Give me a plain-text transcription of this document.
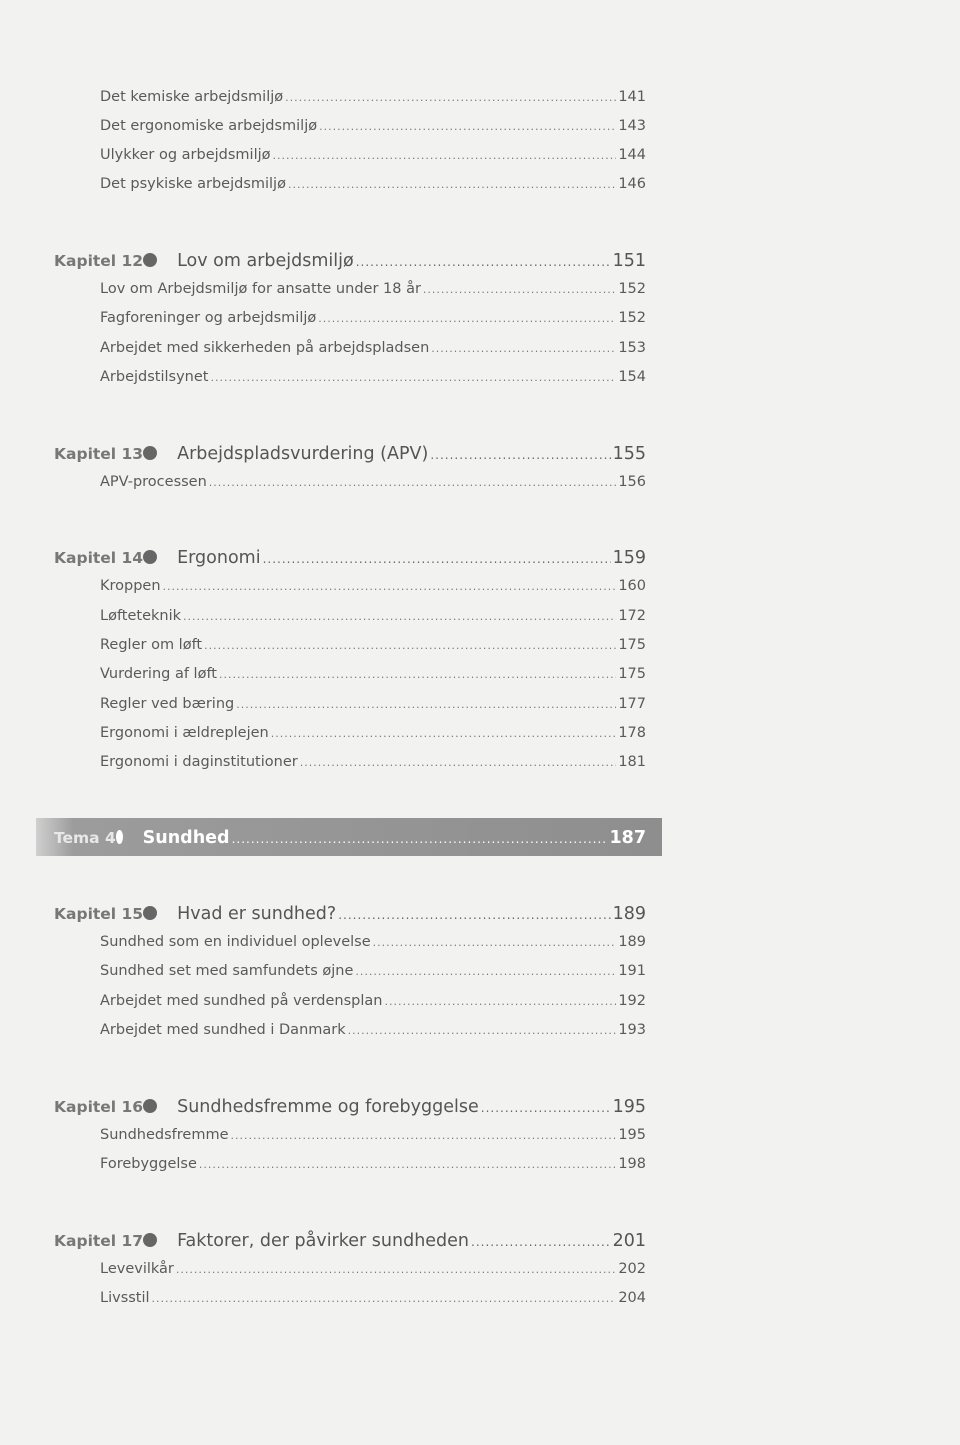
Det kemiske arbejdsmiljø .....	141
Det ergonomiske arbejdsmiljø .....	143
Ulykker og arbejdsmiljø .....	144
Det psykiske arbejdsmiljø .....	146
Kapitel 12 Lov om arbejdsmiljø .....	151
Lov om Arbejdsmiljø for ansatte under 18 år .....	152
Fagforeninger og arbejdsmiljø .....	152
Arbejdet med sikkerheden på arbejdspladsen .....	153
Arbejdstilsynet .....	154
Kapitel 13 Arbejdspladsvurdering (APV) .....	155
APV-processen .....	156
Kapitel 14 Ergonomi .....	159
Kroppen .....	160
Løfteteknik .....	172
Regler om løft .....	175
Vurdering af løft .....	175
Regler ved bæring .....	177
Ergonomi i ældreplejen .....	178
Ergonomi i daginstitutioner .....	181
Tema 4 Sundhed .....	187
Kapitel 15 Hvad er sundhed? .....	189
Sundhed som en individuel oplevelse .....	189
Sundhed set med samfundets øjne .....	191
Arbejdet med sundhed på verdensplan .....	192
Arbejdet med sundhed i Danmark .....	193
Kapitel 16 Sundhedsfremme og forebyggelse .....	195
Sundhedsfremme .....	195
Forebyggelse .....	198
Kapitel 17 Faktorer, der påvirker sundheden .....	201
Levevilkår .....	202
Livsstil .....	204
